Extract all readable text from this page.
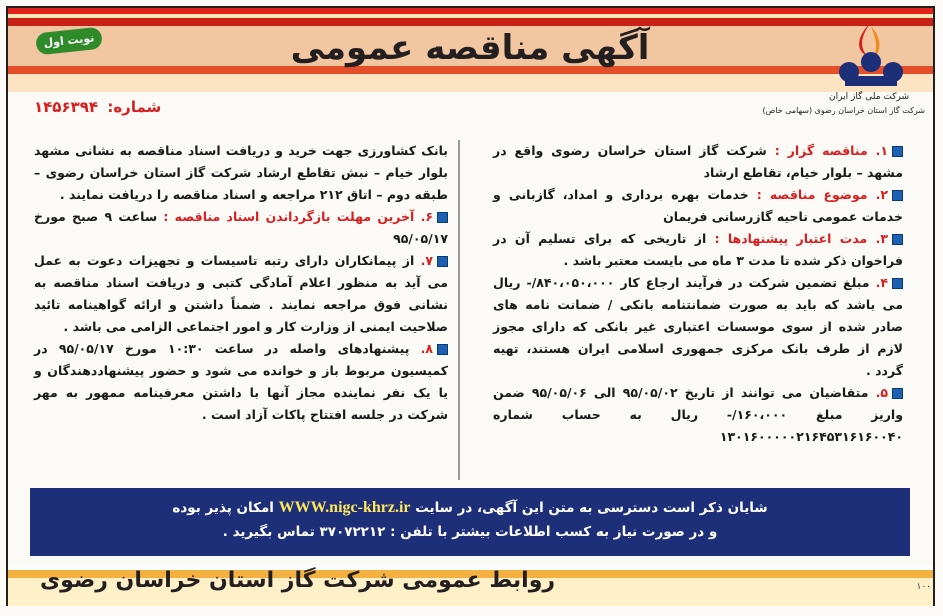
نوبت اول	آگهی مناقصه عمومی
شرکت ملی گاز ایران
شرکت گاز استان خراسان رضوی (سهامی خاص)
شماره: ۱۴۵۶۳۹۴
۱. مناقصه گزار : شرکت گاز استان خراسان رضوی واقع در مشهد – بلوار خیام، تقاطع ارشاد
۲. موضوع مناقصه : خدمات بهره برداری و امداد، گازبانی و خدمات عمومی ناحیه گازرسانی فریمان
۳. مدت اعتبار پیشنهادها : از تاریخی که برای تسلیم آن در فراخوان ذکر شده تا مدت ۳ ماه می بایست معتبر باشد .
۴. مبلغ تضمین شرکت در فرآیند ارجاع کار ۸۴۰،۰۵۰،۰۰۰/- ریال می باشد که باید به صورت ضمانتنامه بانکی / ضمانت نامه های صادر شده از سوی موسسات اعتباری غیر بانکی که دارای مجوز لازم از طرف بانک مرکزی جمهوری اسلامی ایران هستند، تهیه گردد .
۵. متقاضیان می توانند از تاریخ ۹۵/۰۵/۰۲ الی ۹۵/۰۵/۰۶ ضمن واریز مبلغ ۱۶۰،۰۰۰/- ریال به حساب شماره ۱۳۰۱۶۰۰۰۰۰۲۱۶۴۵۳۱۶۱۶۰۰۴۰
بانک کشاورزی جهت خرید و دریافت اسناد مناقصه به نشانی مشهد بلوار خیام – نبش تقاطع ارشاد شرکت گاز استان خراسان رضوی – طبقه دوم – اتاق ۲۱۲ مراجعه و اسناد مناقصه را دریافت نمایند .
۶. آخرین مهلت بازگرداندن اسناد مناقصه : ساعت ۹ صبح مورخ ۹۵/۰۵/۱۷
۷. از پیمانکاران دارای رتبه تاسیسات و تجهیزات دعوت به عمل می آید به منظور اعلام آمادگی کتبی و دریافت اسناد مناقصه به نشانی فوق مراجعه نمایند . ضمناً داشتن و ارائه گواهینامه تائید صلاحیت ایمنی از وزارت کار و امور اجتماعی الزامی می باشد .
۸. پیشنهادهای واصله در ساعت ۱۰:۳۰ مورخ ۹۵/۰۵/۱۷ در کمیسیون مربوط باز و خوانده می شود و حضور پیشنهاددهندگان و یا یک نفر نماینده مجاز آنها با داشتن معرفینامه ممهور به مهر شرکت در جلسه افتتاح پاکات آزاد است .
شایان ذکر است دسترسی به متن این آگهی، در سایت WWW.nigc-khrz.ir امکان پذیر بوده
و در صورت نیاز به کسب اطلاعات بیشتر با تلفن : ۳۷۰۷۲۲۱۲ تماس بگیرید .
روابط عمومی شرکت گاز استان خراسان رضوی	۱۰۰
